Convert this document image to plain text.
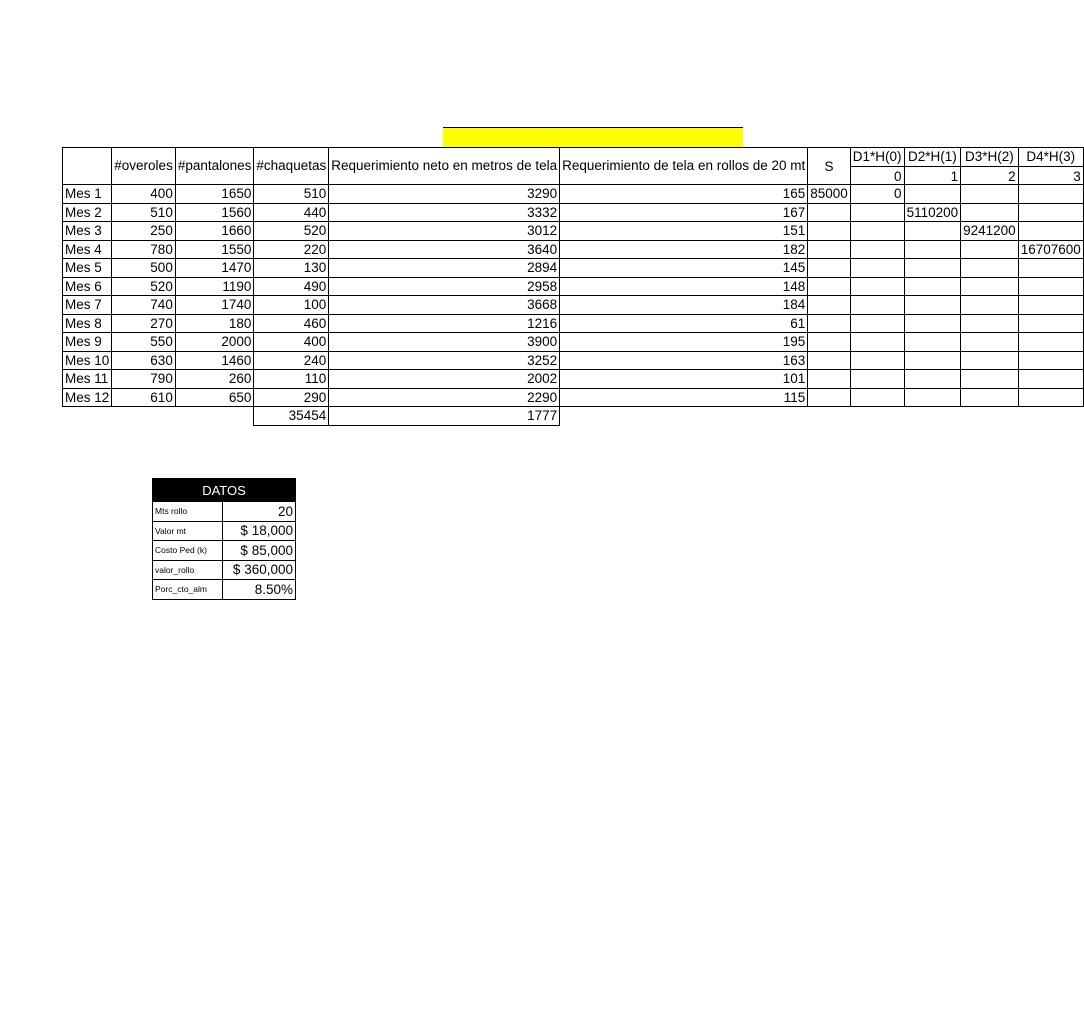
	#overoles	#pantalones	#chaquetas	Requerimiento neto en metros de tela	Requerimiento de tela en rollos de 20 mt	S	D1*H(0)	D2*H(1)	D3*H(2)	D4*H(3)
							0	1	2	3
Mes 1	400	1650	510	3290	165	85000	0			
Mes 2	510	1560	440	3332	167			5110200		
Mes 3	250	1660	520	3012	151				9241200	
Mes 4	780	1550	220	3640	182					16707600
Mes 5	500	1470	130	2894	145					
Mes 6	520	1190	490	2958	148					
Mes 7	740	1740	100	3668	184					
Mes 8	270	180	460	1216	61					
Mes 9	550	2000	400	3900	195					
Mes 10	630	1460	240	3252	163					
Mes 11	790	260	110	2002	101					
Mes 12	610	650	290	2290	115					
			35454	1777						
DATOS	
Mts rollo	20
Valor mt	$ 18,000
Costo Ped (k)	$ 85,000
valor_rollo	$ 360,000
Porc_cto_alm	8.50%
